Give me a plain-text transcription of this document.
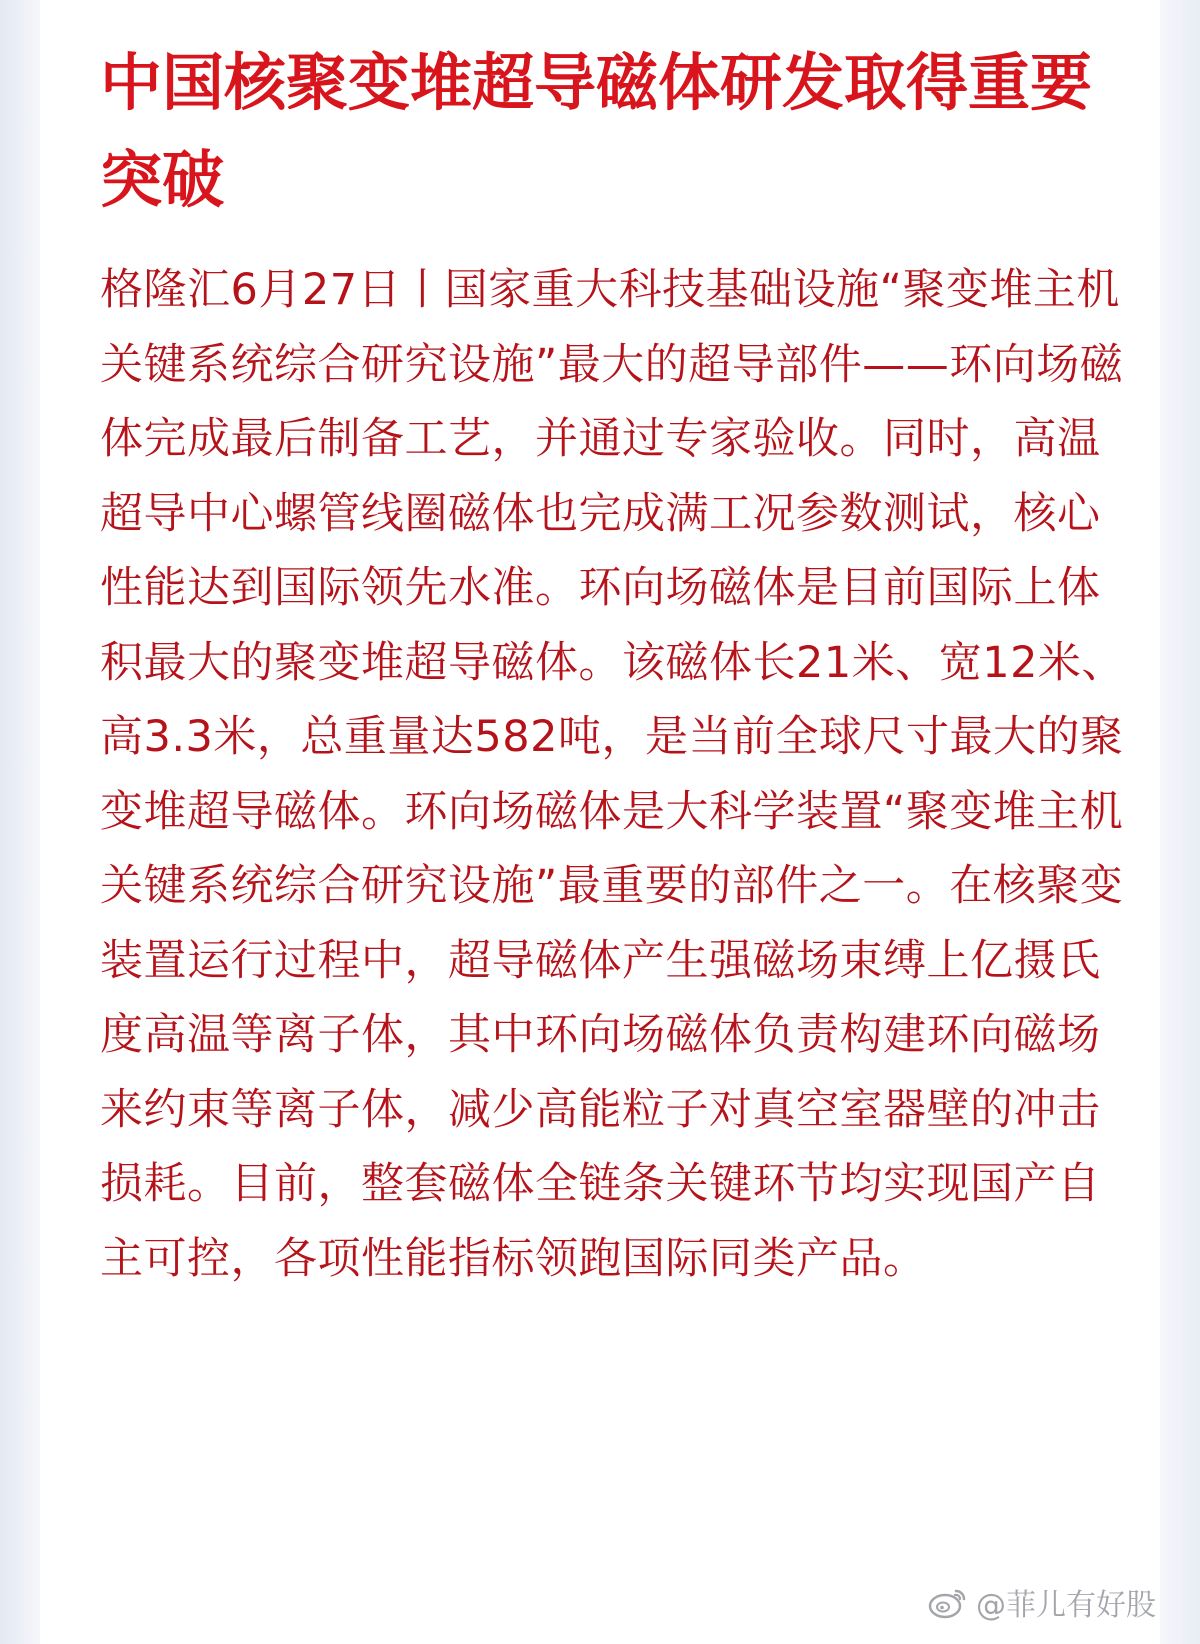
中国核聚变堆超导磁体研发取得重要突破

格隆汇6月27日丨国家重大科技基础设施“聚变堆主机关键系统综合研究设施”最大的超导部件——环向场磁体完成最后制备工艺，并通过专家验收。同时，高温超导中心螺管线圈磁体也完成满工况参数测试，核心性能达到国际领先水准。环向场磁体是目前国际上体积最大的聚变堆超导磁体。该磁体长21米、宽12米、高3.3米，总重量达582吨，是当前全球尺寸最大的聚变堆超导磁体。环向场磁体是大科学装置“聚变堆主机关键系统综合研究设施”最重要的部件之一。在核聚变装置运行过程中，超导磁体产生强磁场束缚上亿摄氏度高温等离子体，其中环向场磁体负责构建环向磁场来约束等离子体，减少高能粒子对真空室器壁的冲击损耗。目前，整套磁体全链条关键环节均实现国产自主可控，各项性能指标领跑国际同类产品。

@菲儿有好股
